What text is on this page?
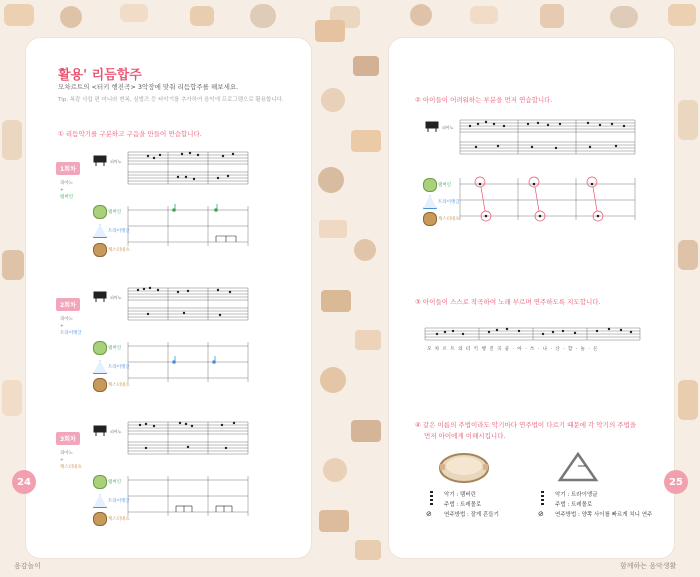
활용' 리듬합주
모차르트의 <터키 행진곡> 3악장에 맞춰 리듬합주를 해보세요.
Tip. 복잡 사업 편 마니라 변복, 심벌즈 등 타악기를 추가하여 음악에 프로그램으로 활용합니다.
① 리듬악기를 구분하고 구음을 만들어 연습합니다.
1회차
피아노
+
탬버린
피아노
탬버린
트라이앵글
캐스터네츠
2회차
피아노
+
트라이앵글
피아노
탬버린
트라이앵글
캐스터네츠
3회차
피아노
+
캐스터네츠
피아노
탬버린
트라이앵글
캐스터네츠
24
음감놀이
② 아이들이 어려워하는 부분을 먼저 연습합니다.
피아노
탬버린
트라이앵글
캐스터네츠
③ 아이들이 스스로 작곡하여 노래 부르며 연주하도록 지도합니다.
모 차 르 트 의 터 키 행 진 곡 쿵 · 아 · 쓰 · 나 · 산 · 할 · 놀 · 돈
④ 같은 이름의 주법이라도 악기마다 연주법이 다르기 때문에 각 악기의 주법을
먼저 아이에게 이해시킵니다.
악기 : 탬버린
주법 : 트레몰로
연주방법 : 잘게 흔들기
⊘
악기 : 트라이앵글
주법 : 트레몰로
연주방법 : 양쪽 사이를 빠르게 치니 연주
⊘
25
함께하는 음악생활
